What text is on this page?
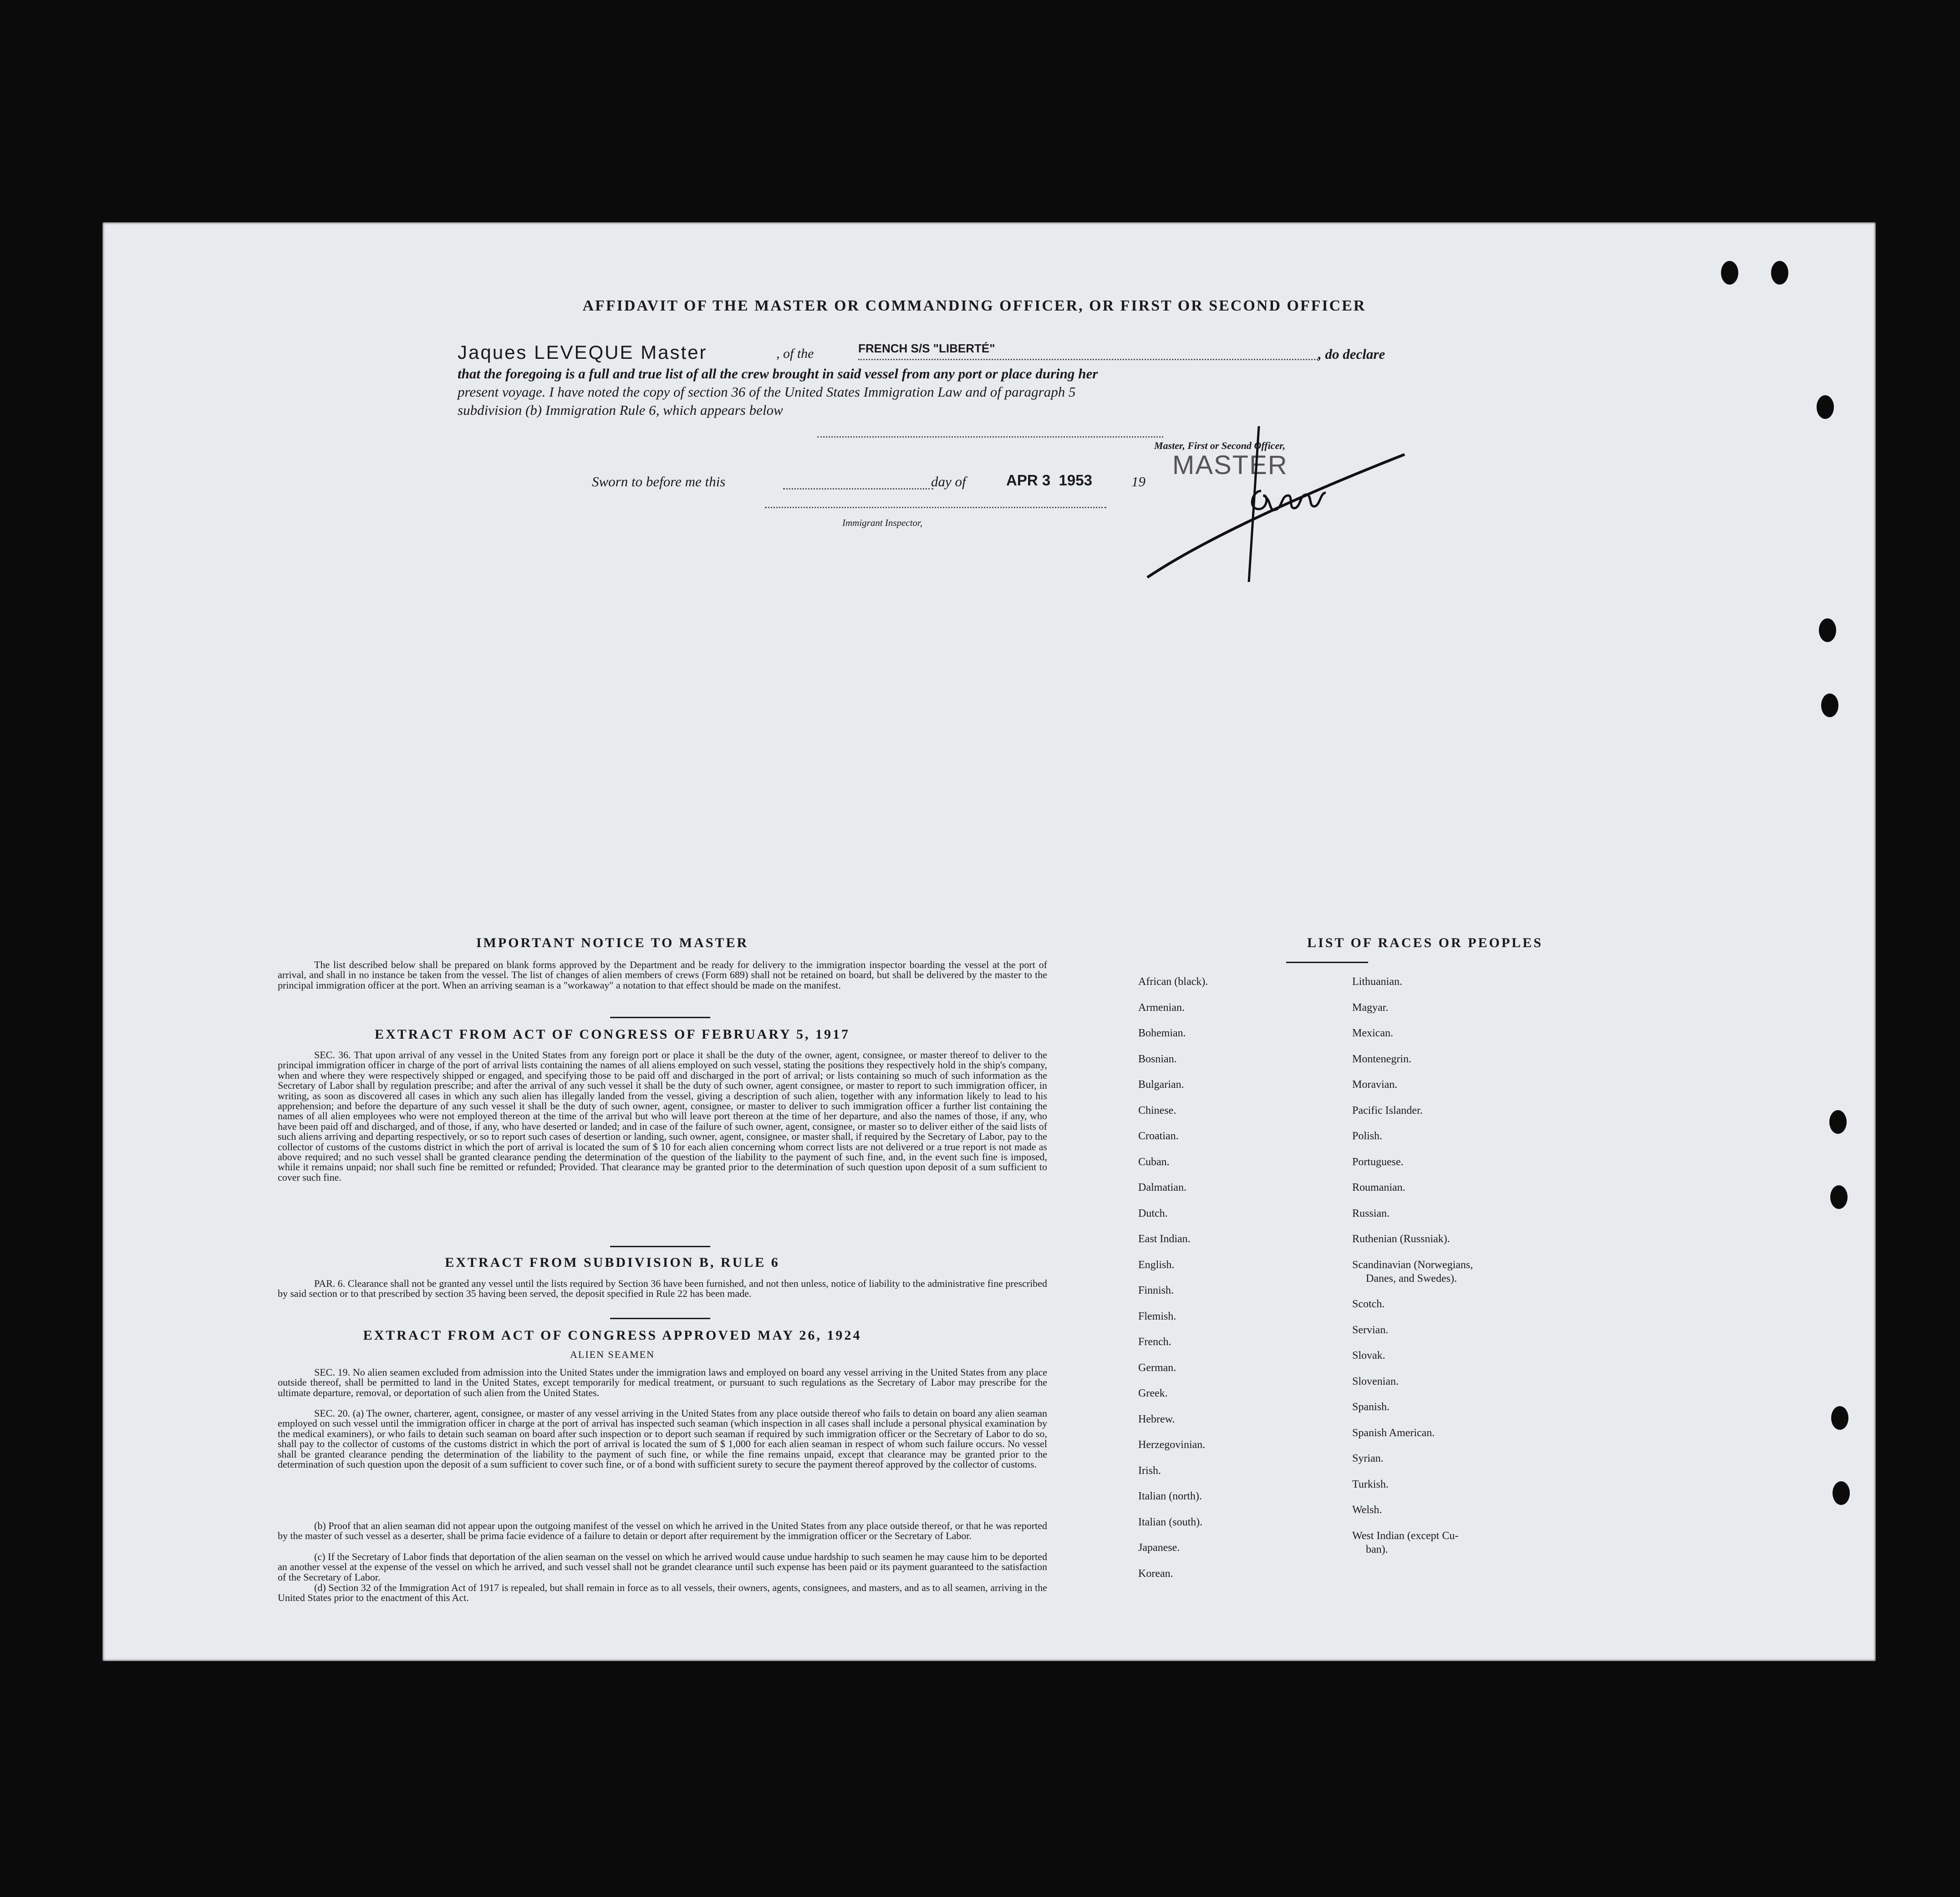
AFFIDAVIT OF THE MASTER OR COMMANDING OFFICER, OR FIRST OR SECOND OFFICER
Jaques LEVEQUE Master	, of the	FRENCH S/S "LIBERTÉ"	, do declare
that the foregoing is a full and true list of all the crew brought in said vessel from any port or place during her
present voyage. I have noted the copy of section 36 of the United States Immigration Law and of paragraph 5
subdivision (b) Immigration Rule 6, which appears below
Master, First or Second Officer,
MASTER
Sworn to before me this	day of	APR 3  1953	19
Immigrant Inspector,
IMPORTANT NOTICE TO MASTER
The list described below shall be prepared on blank forms approved by the Department and be ready for delivery to the immigration inspector boarding the vessel at the port of arrival, and shall in no instance be taken from the vessel. The list of changes of alien members of crews (Form 689) shall not be retained on board, but shall be delivered by the master to the principal immigration officer at the port. When an arriving seaman is a "workaway" a notation to that effect should be made on the manifest.
EXTRACT FROM ACT OF CONGRESS OF FEBRUARY 5, 1917
SEC. 36. That upon arrival of any vessel in the United States from any foreign port or place it shall be the duty of the owner, agent, consignee, or master thereof to deliver to the principal immigration officer in charge of the port of arrival lists containing the names of all aliens employed on such vessel, stating the positions they respectively hold in the ship's company, when and where they were respectively shipped or engaged, and specifying those to be paid off and discharged in the port of arrival; or lists containing so much of such information as the Secretary of Labor shall by regulation prescribe; and after the arrival of any such vessel it shall be the duty of such owner, agent consignee, or master to report to such immigration officer, in writing, as soon as discovered all cases in which any such alien has illegally landed from the vessel, giving a description of such alien, together with any information likely to lead to his apprehension; and before the departure of any such vessel it shall be the duty of such owner, agent, consignee, or master to deliver to such immigration officer a further list containing the names of all alien employees who were not employed thereon at the time of the arrival but who will leave port thereon at the time of her departure, and also the names of those, if any, who have been paid off and discharged, and of those, if any, who have deserted or landed; and in case of the failure of such owner, agent, consignee, or master so to deliver either of the said lists of such aliens arriving and departing respectively, or so to report such cases of desertion or landing, such owner, agent, consignee, or master shall, if required by the Secretary of Labor, pay to the collector of customs of the customs district in which the port of arrival is located the sum of $ 10 for each alien concerning whom correct lists are not delivered or a true report is not made as above required; and no such vessel shall be granted clearance pending the determination of the question of the liability to the payment of such fine, and, in the event such fine is imposed, while it remains unpaid; nor shall such fine be remitted or refunded; Provided. That clearance may be granted prior to the determination of such question upon deposit of a sum sufficient to cover such fine.
EXTRACT FROM SUBDIVISION B, RULE 6
PAR. 6. Clearance shall not be granted any vessel until the lists required by Section 36 have been furnished, and not then unless, notice of liability to the administrative fine prescribed by said section or to that prescribed by section 35 having been served, the deposit specified in Rule 22 has been made.
EXTRACT FROM ACT OF CONGRESS APPROVED MAY 26, 1924
ALIEN SEAMEN
SEC. 19. No alien seamen excluded from admission into the United States under the immigration laws and employed on board any vessel arriving in the United States from any place outside thereof, shall be permitted to land in the United States, except temporarily for medical treatment, or pursuant to such regulations as the Secretary of Labor may prescribe for the ultimate departure, removal, or deportation of such alien from the United States.
SEC. 20. (a) The owner, charterer, agent, consignee, or master of any vessel arriving in the United States from any place outside thereof who fails to detain on board any alien seaman employed on such vessel until the immigration officer in charge at the port of arrival has inspected such seaman (which inspection in all cases shall include a personal physical examination by the medical examiners), or who fails to detain such seaman on board after such inspection or to deport such seaman if required by such immigration officer or the Secretary of Labor to do so, shall pay to the collector of customs of the customs district in which the port of arrival is located the sum of $ 1,000 for each alien seaman in respect of whom such failure occurs. No vessel shall be granted clearance pending the determination of the liability to the payment of such fine, or while the fine remains unpaid, except that clearance may be granted prior to the determination of such question upon the deposit of a sum sufficient to cover such fine, or of a bond with sufficient surety to secure the payment thereof approved by the collector of customs.
(b) Proof that an alien seaman did not appear upon the outgoing manifest of the vessel on which he arrived in the United States from any place outside thereof, or that he was reported by the master of such vessel as a deserter, shall be prima facie evidence of a failure to detain or deport after requirement by the immigration officer or the Secretary of Labor.
(c) If the Secretary of Labor finds that deportation of the alien seaman on the vessel on which he arrived would cause undue hardship to such seamen he may cause him to be deported an another vessel at the expense of the vessel on which he arrived, and such vessel shall not be grandet clearance until such expense has been paid or its payment guaranteed to the satisfaction of the Secretary of Labor.
(d) Section 32 of the Immigration Act of 1917 is repealed, but shall remain in force as to all vessels, their owners, agents, consignees, and masters, and as to all seamen, arriving in the United States prior to the enactment of this Act.
LIST OF RACES OR PEOPLES
African (black).
Armenian.
Bohemian.
Bosnian.
Bulgarian.
Chinese.
Croatian.
Cuban.
Dalmatian.
Dutch.
East Indian.
English.
Finnish.
Flemish.
French.
German.
Greek.
Hebrew.
Herzegovinian.
Irish.
Italian (north).
Italian (south).
Japanese.
Korean.
Lithuanian.
Magyar.
Mexican.
Montenegrin.
Moravian.
Pacific Islander.
Polish.
Portuguese.
Roumanian.
Russian.
Ruthenian (Russniak).
Scandinavian (Norwegians,
Danes, and Swedes).
Scotch.
Servian.
Slovak.
Slovenian.
Spanish.
Spanish American.
Syrian.
Turkish.
Welsh.
West Indian (except Cu-
ban).
